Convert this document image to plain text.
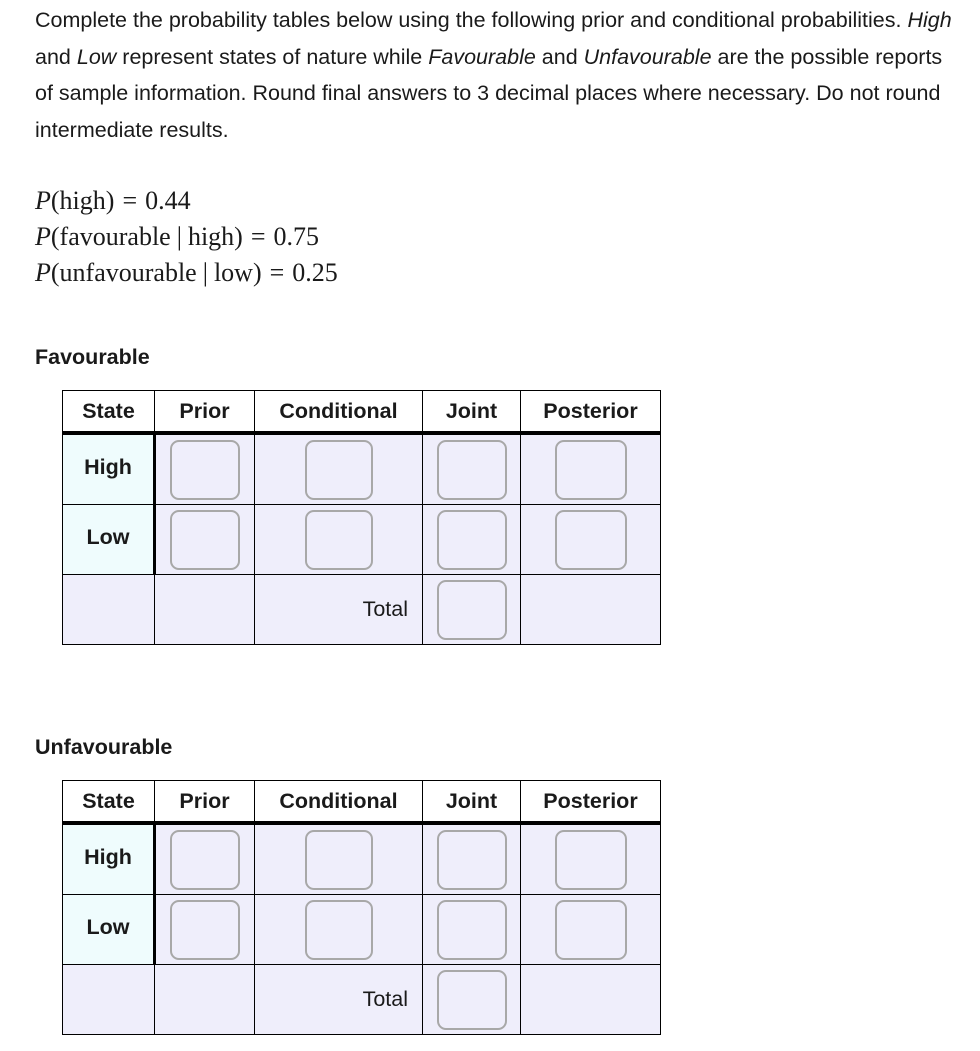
Complete the probability tables below using the following prior and conditional probabilities. High and Low represent states of nature while Favourable and Unfavourable are the possible reports of sample information. Round final answers to 3 decimal places where necessary. Do not round intermediate results.

P(high) = 0.44
P(favourable | high) = 0.75
P(unfavourable | low) = 0.25

Favourable

State	Prior	Conditional	Joint	Posterior
High				
Low				
		Total		

Unfavourable

State	Prior	Conditional	Joint	Posterior
High				
Low				
		Total		
